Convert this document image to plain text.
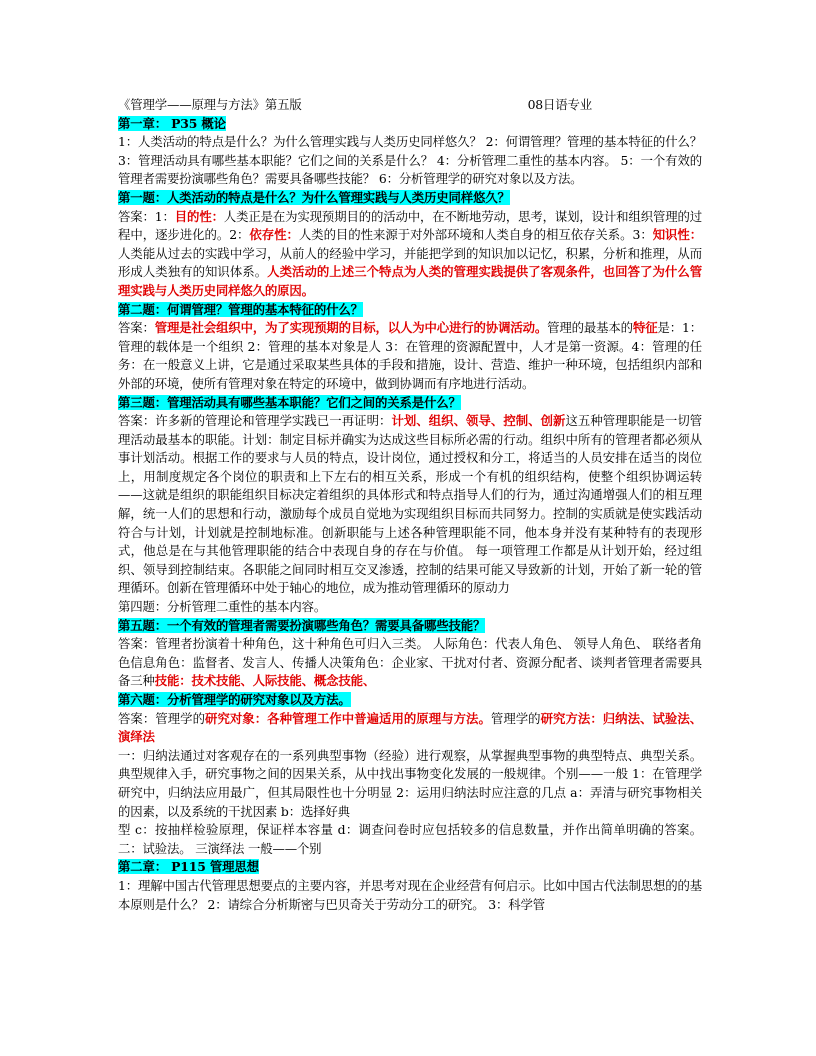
《管理学——原理与方法》第五版	08日语专业

第一章： P35 概论

1：人类活动的特点是什么？为什么管理实践与人类历史同样悠久？ 2：何谓管理？管理的基本特征的什么？ 3：管理活动具有哪些基本职能？它们之间的关系是什么？ 4：分析管理二重性的基本内容。 5：一个有效的管理者需要扮演哪些角色？需要具备哪些技能？ 6：分析管理学的研究对象以及方法。

第一题：人类活动的特点是什么？为什么管理实践与人类历史同样悠久？

答案：1：目的性：人类正是在为实现预期目的的活动中，在不断地劳动，思考，谋划，设计和组织管理的过程中，逐步进化的。2：依存性：人类的目的性来源于对外部环境和人类自身的相互依存关系。3：知识性：人类能从过去的实践中学习，从前人的经验中学习，并能把学到的知识加以记忆，积累，分析和推理，从而形成人类独有的知识体系。人类活动的上述三个特点为人类的管理实践提供了客观条件，也回答了为什么管理实践与人类历史同样悠久的原因。

第二题：何谓管理？管理的基本特征的什么？

答案：管理是社会组织中，为了实现预期的目标，以人为中心进行的协调活动。管理的最基本的特征是：1：管理的载体是一个组织 2：管理的基本对象是人 3：在管理的资源配置中，人才是第一资源。4：管理的任务：在一般意义上讲，它是通过采取某些具体的手段和措施，设计、营造、维护一种环境，包括组织内部和外部的环境，使所有管理对象在特定的环境中，做到协调而有序地进行活动。

第三题：管理活动具有哪些基本职能？它们之间的关系是什么？

答案：许多新的管理论和管理学实践已一再证明：计划、组织、领导、控制、创新这五种管理职能是一切管理活动最基本的职能。计划：制定目标并确实为达成这些目标所必需的行动。组织中所有的管理者都必须从事计划活动。根据工作的要求与人员的特点，设计岗位，通过授权和分工，将适当的人员安排在适当的岗位上，用制度规定各个岗位的职责和上下左右的相互关系，形成一个有机的组织结构，使整个组织协调运转——这就是组织的职能组织目标决定着组织的具体形式和特点指导人们的行为，通过沟通增强人们的相互理解，统一人们的思想和行动，激励每个成员自觉地为实现组织目标而共同努力。控制的实质就是使实践活动符合与计划，计划就是控制地标准。创新职能与上述各种管理职能不同，他本身并没有某种特有的表现形式，他总是在与其他管理职能的结合中表现自身的存在与价值。 每一项管理工作都是从计划开始，经过组织、领导到控制结束。各职能之间同时相互交叉渗透，控制的结果可能又导致新的计划，开始了新一轮的管理循环。创新在管理循环中处于轴心的地位，成为推动管理循环的原动力

第四题：分析管理二重性的基本内容。

第五题：一个有效的管理者需要扮演哪些角色？需要具备哪些技能？

答案：管理者扮演着十种角色，这十种角色可归入三类。 人际角色：代表人角色、 领导人角色、 联络者角色信息角色：监督者、发言人、传播人决策角色：企业家、干扰对付者、资源分配者、谈判者管理者需要具备三种技能：技术技能、人际技能、概念技能、

第六题：分析管理学的研究对象以及方法。

答案：管理学的研究对象：各种管理工作中普遍适用的原理与方法。管理学的研究方法：归纳法、试验法、演绎法

一：归纳法通过对客观存在的一系列典型事物（经验）进行观察，从掌握典型事物的典型特点、典型关系。典型规律入手，研究事物之间的因果关系，从中找出事物变化发展的一般规律。个别——一般 1：在管理学研究中，归纳法应用最广，但其局限性也十分明显 2：运用归纳法时应注意的几点 a：弄清与研究事物相关的因素，以及系统的干扰因素 b：选择好典

型 c：按抽样检验原理，保证样本容量 d：调查问卷时应包括较多的信息数量，并作出简单明确的答案。 二：试验法。 三演绎法 一般——个别

第二章： P115 管理思想

1：理解中国古代管理思想要点的主要内容，并思考对现在企业经营有何启示。比如中国古代法制思想的的基本原则是什么？ 2：请综合分析斯密与巴贝奇关于劳动分工的研究。 3：科学管
